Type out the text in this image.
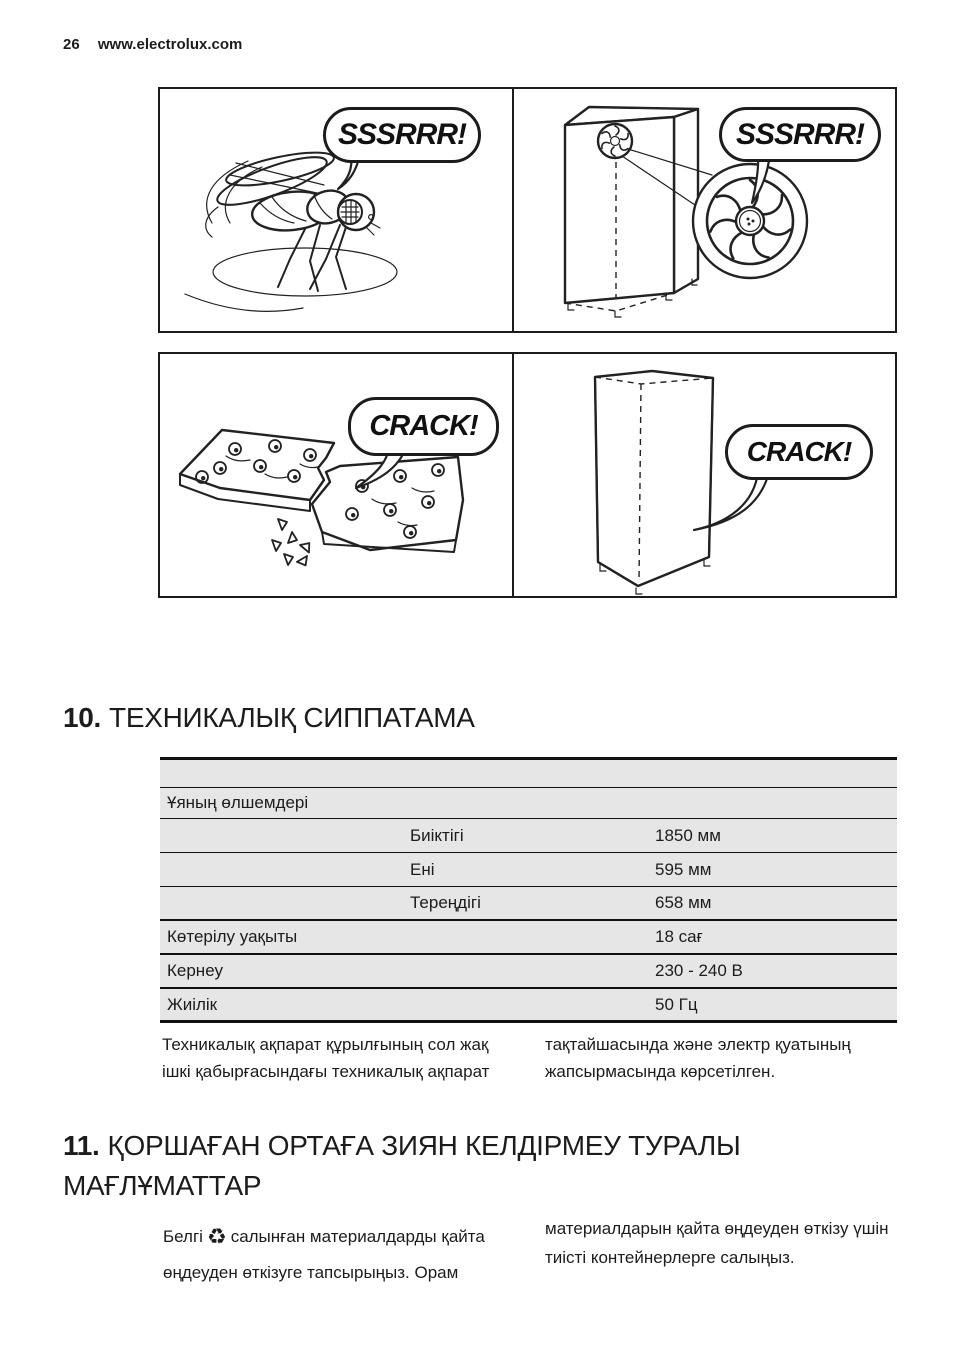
26 www.electrolux.com
SSSRRR!	SSSRRR!
CRACK!
CRACK!
10. ТЕХНИКАЛЫҚ СИППАТАМА
Ұяның өлшемдері
Биіктігі	1850 мм
Ені	595 мм
Тереңдігі	658 мм
Көтерілу уақыты	18 сағ
Кернеу	230 - 240 В
Жиілік	50 Гц
Техникалық ақпарат құрылғының сол жақ ішкі қабырғасындағы техникалық ақпарат
тақтайшасында және электр қуатының жапсырмасында көрсетілген.
11. ҚОРШАҒАН ОРТАҒА ЗИЯН КЕЛДІРМЕУ ТУРАЛЫ МАҒЛҰМАТТАР
Белгі ♻ салынған материалдарды қайта өңдеуден өткізуге тапсырыңыз. Орам
материалдарын қайта өңдеуден өткізу үшін тиісті контейнерлерге салыңыз.
